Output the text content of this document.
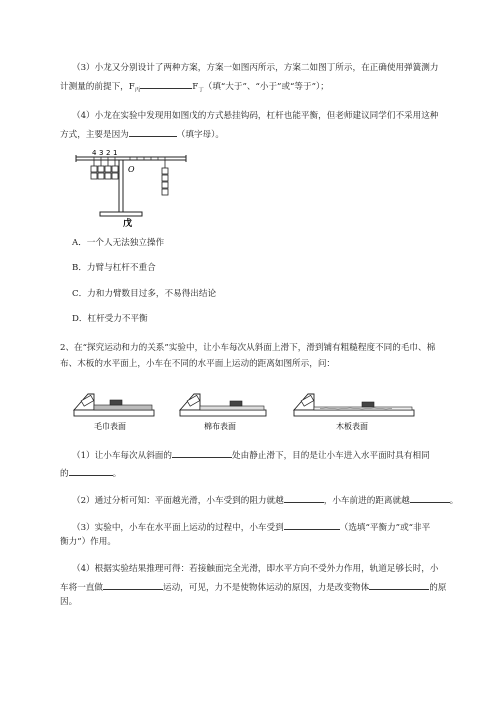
（3）小龙又分别设计了两种方案，方案一如图丙所示，方案二如图丁所示，在正确使用弹簧测力
计测量的前提下，$F_丙$	$F_丁$（填“大于”、“小于”或“等于”）；
（4）小龙在实验中发现用如图戊的方式悬挂钩码，杠杆也能平衡，但老师建议同学们不采用这种
方式，主要是因为	（填字母）。
4 3 2 1
O
戊
A．一个人无法独立操作
B．力臂与杠杆不重合
C．力和力臂数目过多，不易得出结论
D．杠杆受力不平衡
2、在“探究运动和力的关系”实验中，让小车每次从斜面上滑下，滑到铺有粗糙程度不同的毛巾、棉
布、木板的水平面上，小车在不同的水平面上运动的距离如图所示，问：
毛巾表面	棉布表面	木板表面
（1）让小车每次从斜面的	处由静止滑下，目的是让小车进入水平面时具有相同
的	。
（2）通过分析可知：平面越光滑，小车受到的阻力就越	，小车前进的距离就越	。
（3）实验中，小车在水平面上运动的过程中，小车受到	（选填“平衡力”或“非平
衡力”）作用。
（4）根据实验结果推理可得：若接触面完全光滑，即水平方向不受外力作用，轨道足够长时，小
车将一直做	运动，可见，力不是使物体运动的原因，力是改变物体	的原
因。
